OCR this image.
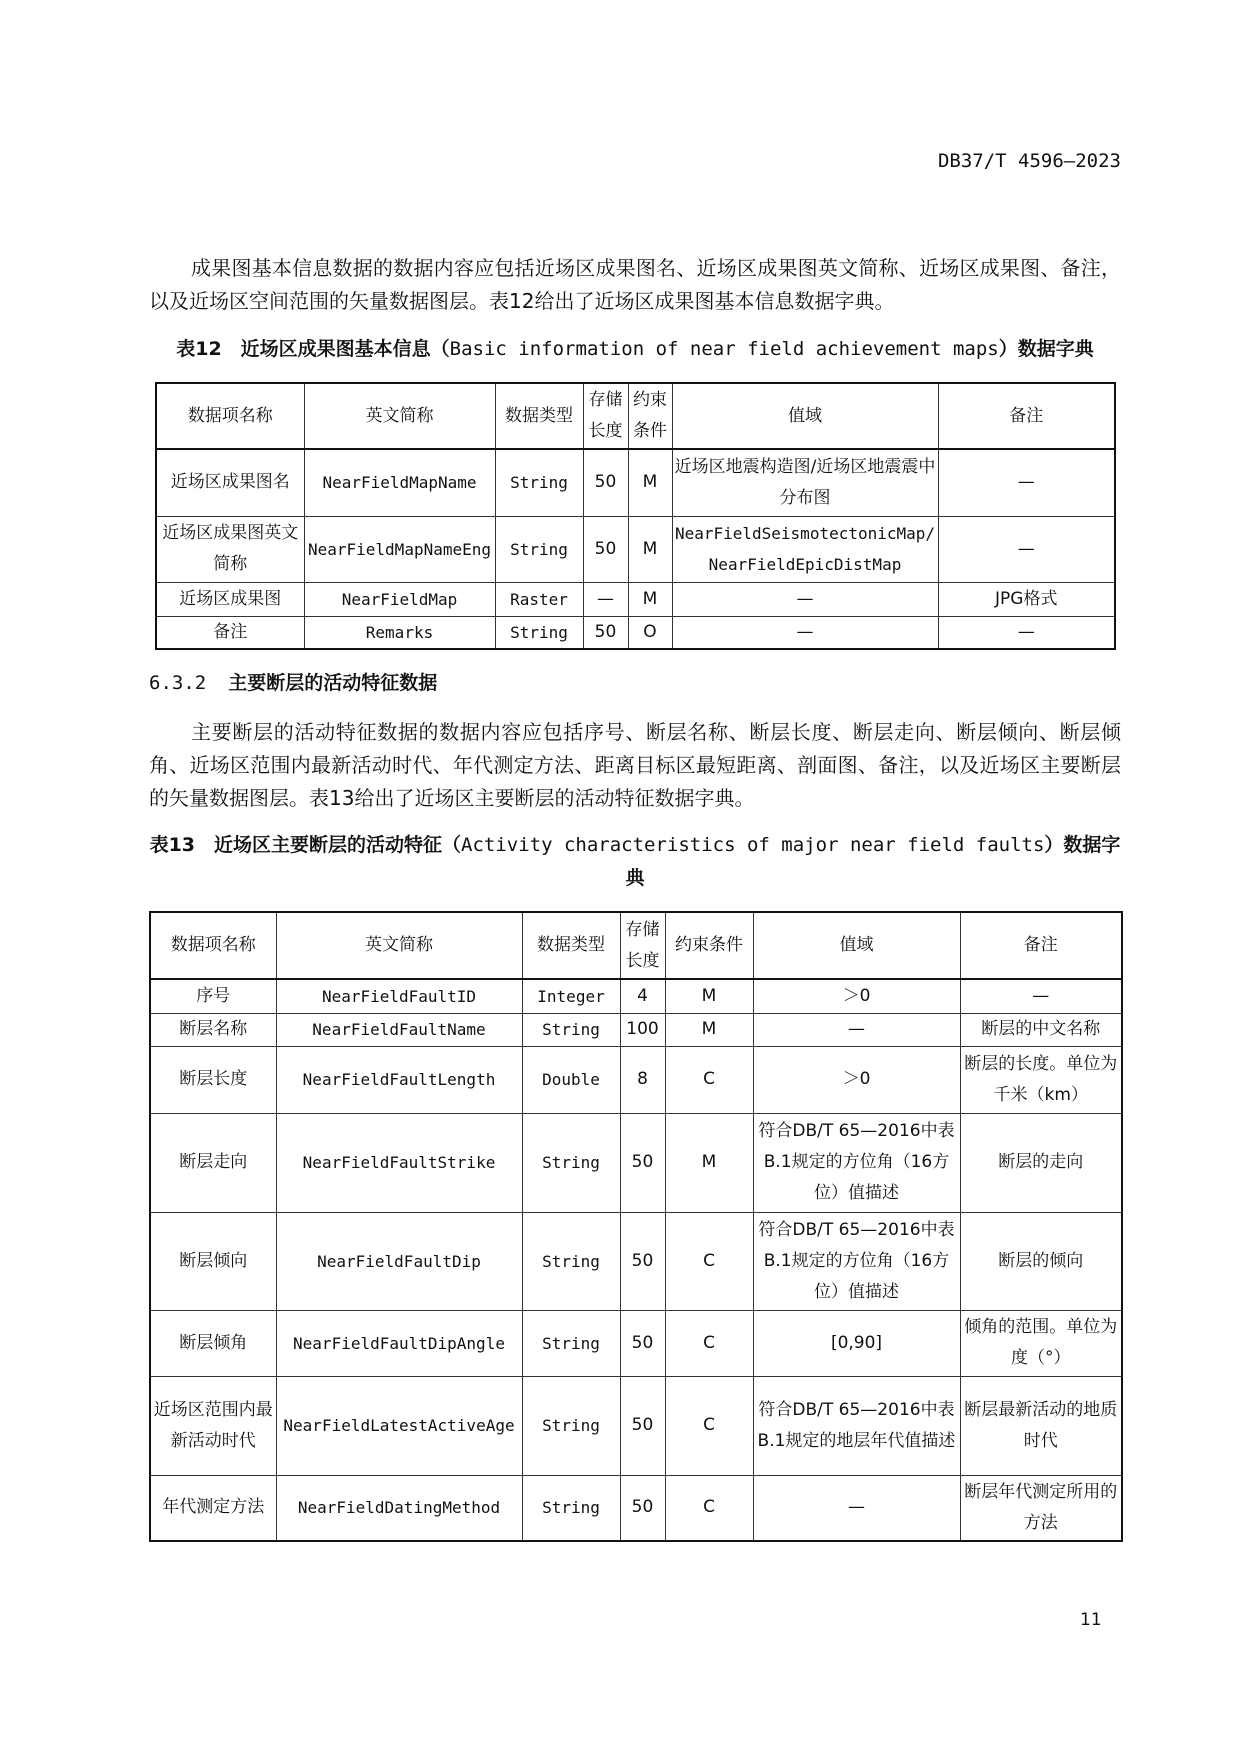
DB37/T 4596—2023

成果图基本信息数据的数据内容应包括近场区成果图名、近场区成果图英文简称、近场区成果图、备注，以及近场区空间范围的矢量数据图层。表12给出了近场区成果图基本信息数据字典。

表12　近场区成果图基本信息（Basic information of near field achievement maps）数据字典
数据项名称	英文简称	数据类型	存储长度	约束条件	值域	备注
近场区成果图名	NearFieldMapName	String	50	M	近场区地震构造图/近场区地震震中分布图	—
近场区成果图英文简称	NearFieldMapNameEng	String	50	M	NearFieldSeismotectonicMap/ NearFieldEpicDistMap	—
近场区成果图	NearFieldMap	Raster	—	M	—	JPG格式
备注	Remarks	String	50	O	—	—
6.3.2 主要断层的活动特征数据

主要断层的活动特征数据的数据内容应包括序号、断层名称、断层长度、断层走向、断层倾向、断层倾角、近场区范围内最新活动时代、年代测定方法、距离目标区最短距离、剖面图、备注，以及近场区主要断层的矢量数据图层。表13给出了近场区主要断层的活动特征数据字典。

表13　近场区主要断层的活动特征（Activity characteristics of major near field faults）数据字典
数据项名称	英文简称	数据类型	存储长度	约束条件	值域	备注
序号	NearFieldFaultID	Integer	4	M	＞0	—
断层名称	NearFieldFaultName	String	100	M	—	断层的中文名称
断层长度	NearFieldFaultLength	Double	8	C	＞0	断层的长度。单位为千米（km）
断层走向	NearFieldFaultStrike	String	50	M	符合DB/T 65—2016中表B.1规定的方位角（16方位）值描述	断层的走向
断层倾向	NearFieldFaultDip	String	50	C	符合DB/T 65—2016中表B.1规定的方位角（16方位）值描述	断层的倾向
断层倾角	NearFieldFaultDipAngle	String	50	C	[0,90]	倾角的范围。单位为度（°）
近场区范围内最新活动时代	NearFieldLatestActiveAge	String	50	C	符合DB/T 65—2016中表B.1规定的地层年代值描述	断层最新活动的地质时代
年代测定方法	NearFieldDatingMethod	String	50	C	—	断层年代测定所用的方法
11
